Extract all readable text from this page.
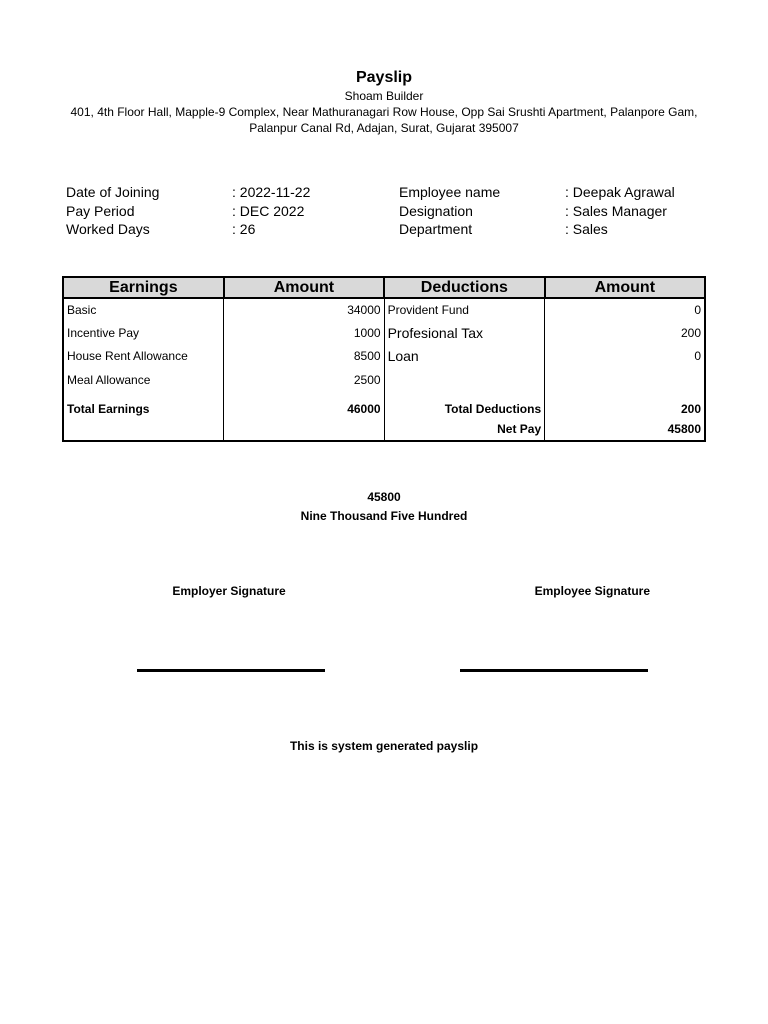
Payslip
Shoam Builder
401, 4th Floor Hall, Mapple-9 Complex, Near Mathuranagari Row House, Opp Sai Srushti Apartment, Palanpore Gam, Palanpur Canal Rd, Adajan, Surat, Gujarat 395007
Date of Joining	: 2022-11-22	Employee name	: Deepak Agrawal
Pay Period	: DEC 2022	Designation	: Sales Manager
Worked Days	: 26	Department	: Sales
Earnings	Amount	Deductions	Amount
Basic	34000	Provident Fund	0
Incentive Pay	1000	Profesional Tax	200
House Rent Allowance	8500	Loan	0
Meal Allowance	2500		
Total Earnings	46000	Total Deductions	200
		Net Pay	45800
45800
Nine Thousand Five Hundred
Employer Signature	Employee Signature
This is system generated payslip
